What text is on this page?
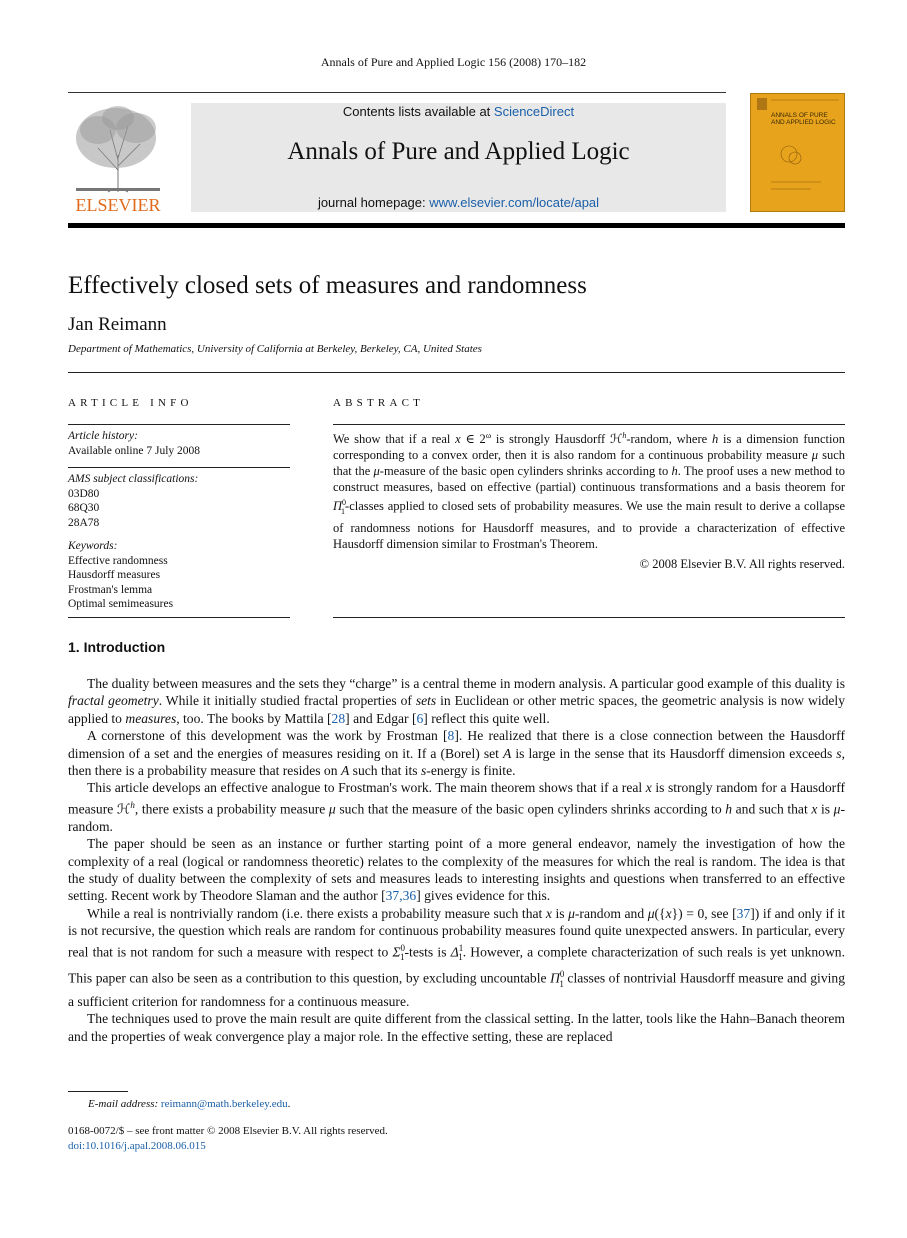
Annals of Pure and Applied Logic 156 (2008) 170–182
ELSEVIER
Contents lists available at ScienceDirect
Annals of Pure and Applied Logic
journal homepage: www.elsevier.com/locate/apal
ANNALS OF PURE AND APPLIED LOGIC
Effectively closed sets of measures and randomness
Jan Reimann
Department of Mathematics, University of California at Berkeley, Berkeley, CA, United States
ARTICLE INFO
Article history:
Available online 7 July 2008
AMS subject classifications:
03D80
68Q30
28A78
Keywords:
Effective randomness
Hausdorff measures
Frostman's lemma
Optimal semimeasures
ABSTRACT
We show that if a real x ∈ $2^\omega$ is strongly Hausdorff ℋ$^h$-random, where h is a dimension function corresponding to a convex order, then it is also random for a continuous probability measure μ such that the μ-measure of the basic open cylinders shrinks according to h. The proof uses a new method to construct measures, based on effective (partial) continuous transformations and a basis theorem for $\Pi^0_1$-classes applied to closed sets of probability measures. We use the main result to derive a collapse of randomness notions for Hausdorff measures, and to provide a characterization of effective Hausdorff dimension similar to Frostman's Theorem.
© 2008 Elsevier B.V. All rights reserved.
1. Introduction

The duality between measures and the sets they “charge” is a central theme in modern analysis. A particular good example of this duality is fractal geometry. While it initially studied fractal properties of sets in Euclidean or other metric spaces, the geometric analysis is now widely applied to measures, too. The books by Mattila [28] and Edgar [6] reflect this quite well.

A cornerstone of this development was the work by Frostman [8]. He realized that there is a close connection between the Hausdorff dimension of a set and the energies of measures residing on it. If a (Borel) set A is large in the sense that its Hausdorff dimension exceeds s, then there is a probability measure that resides on A such that its s-energy is finite.

This article develops an effective analogue to Frostman's work. The main theorem shows that if a real x is strongly random for a Hausdorff measure ℋ$^h$, there exists a probability measure μ such that the measure of the basic open cylinders shrinks according to h and such that x is μ-random.

The paper should be seen as an instance or further starting point of a more general endeavor, namely the investigation of how the complexity of a real (logical or randomness theoretic) relates to the complexity of the measures for which the real is random. The idea is that the study of duality between the complexity of sets and measures leads to interesting insights and questions when transferred to an effective setting. Recent work by Theodore Slaman and the author [37,36] gives evidence for this.

While a real is nontrivially random (i.e. there exists a probability measure such that x is μ-random and μ({x}) = 0, see [37]) if and only if it is not recursive, the question which reals are random for continuous probability measures found quite unexpected answers. In particular, every real that is not random for such a measure with respect to $\Sigma^0_1$-tests is $\Delta^1_1$. However, a complete characterization of such reals is yet unknown. This paper can also be seen as a contribution to this question, by excluding uncountable $\Pi^0_1$ classes of nontrivial Hausdorff measure and giving a sufficient criterion for randomness for a continuous measure.

The techniques used to prove the main result are quite different from the classical setting. In the latter, tools like the Hahn–Banach theorem and the properties of weak convergence play a major role. In the effective setting, these are replaced

E-mail address: reimann@math.berkeley.edu.
0168-0072/$ – see front matter © 2008 Elsevier B.V. All rights reserved.
doi:10.1016/j.apal.2008.06.015
